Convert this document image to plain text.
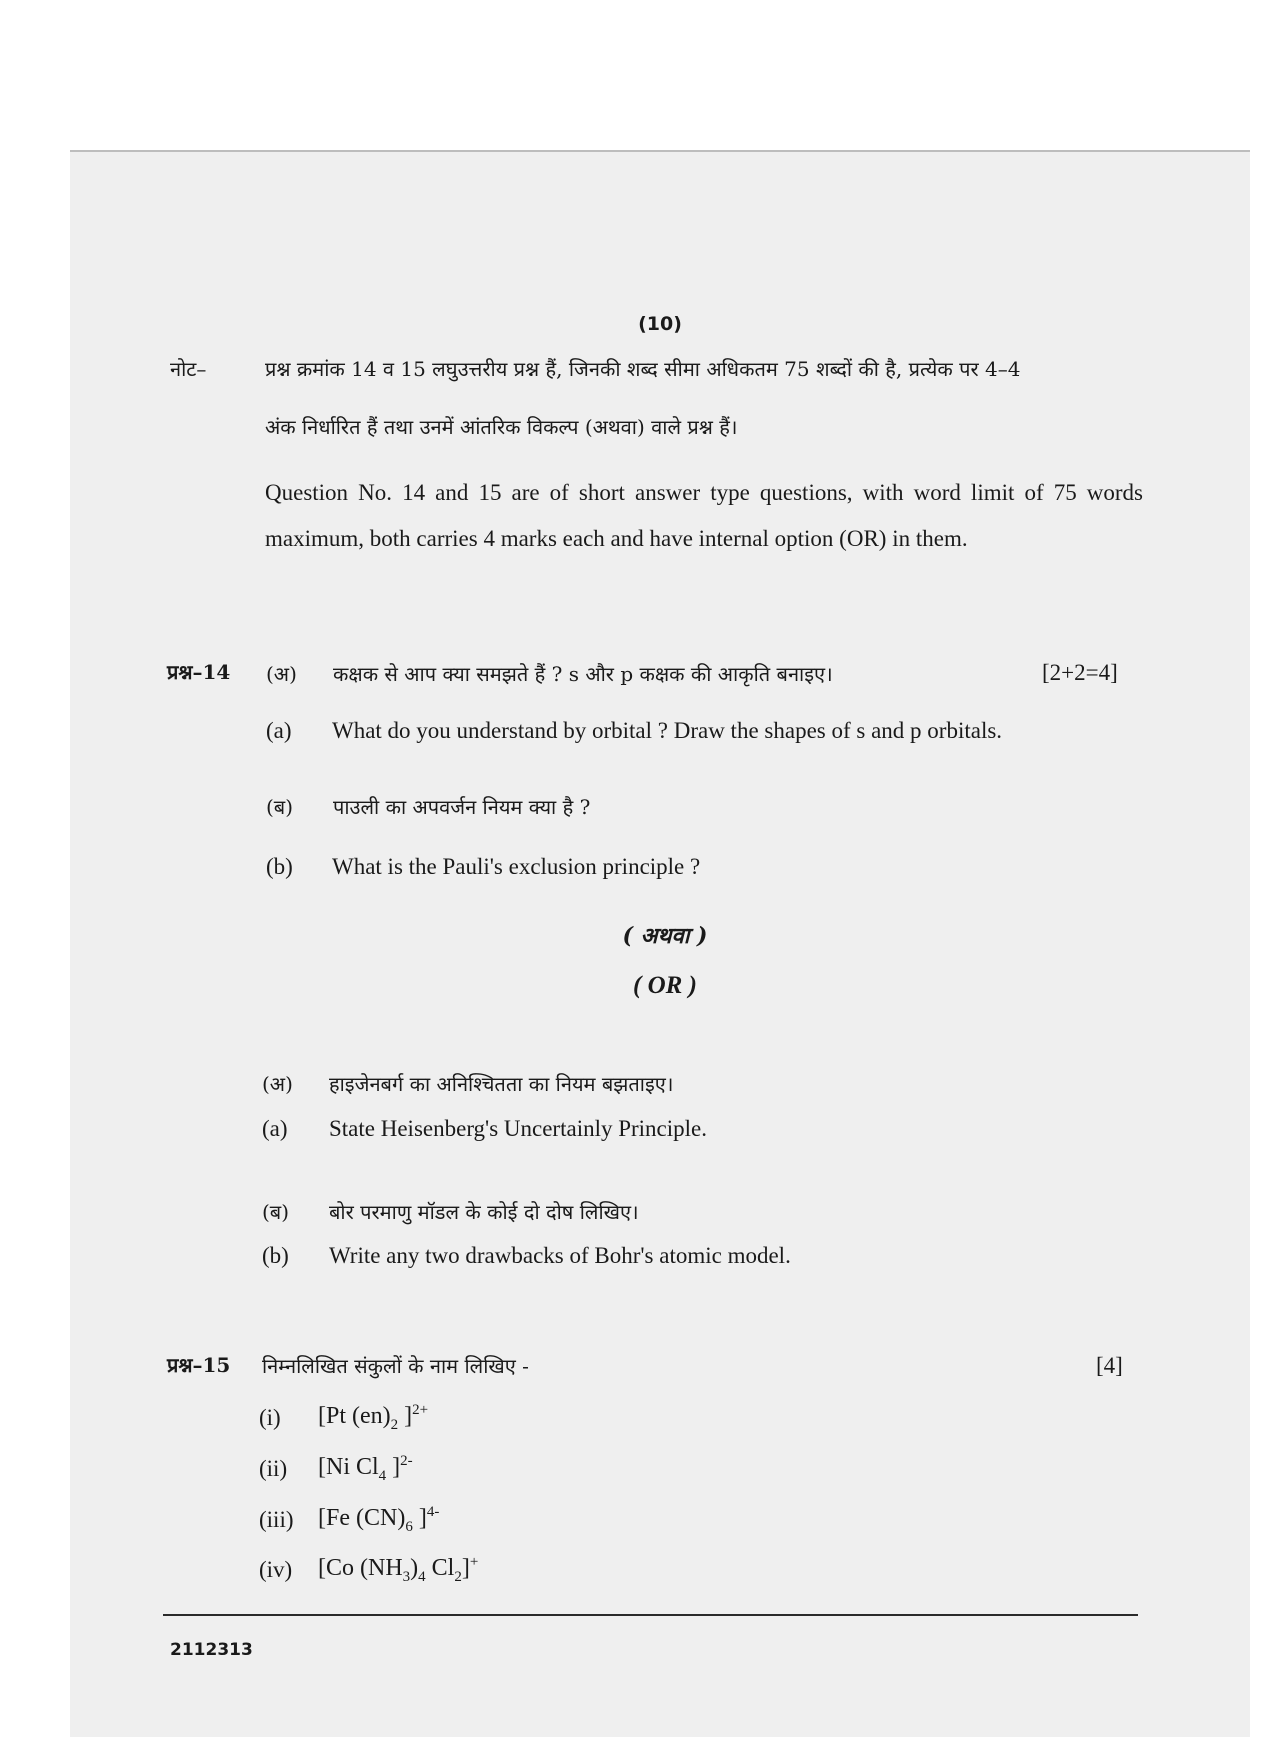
(10)
नोट–	प्रश्न क्रमांक 14 व 15 लघुउत्तरीय प्रश्न हैं, जिनकी शब्द सीमा अधिकतम 75 शब्दों की है, प्रत्येक पर 4–4
अंक निर्धारित हैं तथा उनमें आंतरिक विकल्प (अथवा) वाले प्रश्न हैं।
Question No. 14 and 15 are of short answer type questions, with word limit of 75 words maximum, both carries 4 marks each and have internal option (OR) in them.
प्रश्न–14 (अ) कक्षक से आप क्या समझते हैं ? s और p कक्षक की आकृति बनाइए।	[2+2=4]
(a) What do you understand by orbital ? Draw the shapes of s and p orbitals.
(ब) पाउली का अपवर्जन नियम क्या है ?
(b) What is the Pauli's exclusion principle ?
( अथवा )
( OR )
(अ) हाइजेनबर्ग का अनिश्चितता का नियम बझताइए।
(a) State Heisenberg's Uncertainly Principle.
(ब) बोर परमाणु मॉडल के कोई दो दोष लिखिए।
(b) Write any two drawbacks of Bohr's atomic model.
प्रश्न–15 निम्नलिखित संकुलों के नाम लिखिए -	[4]
(i) [Pt $(en)_2$ ]$^{2+}$
(ii) [Ni $Cl_4$ ]$^{2-}$
(iii) [Fe $(CN)_6$ ]$^{4-}$
(iv) [Co $(NH_3)_4$ $Cl_2]^+$
2112313
